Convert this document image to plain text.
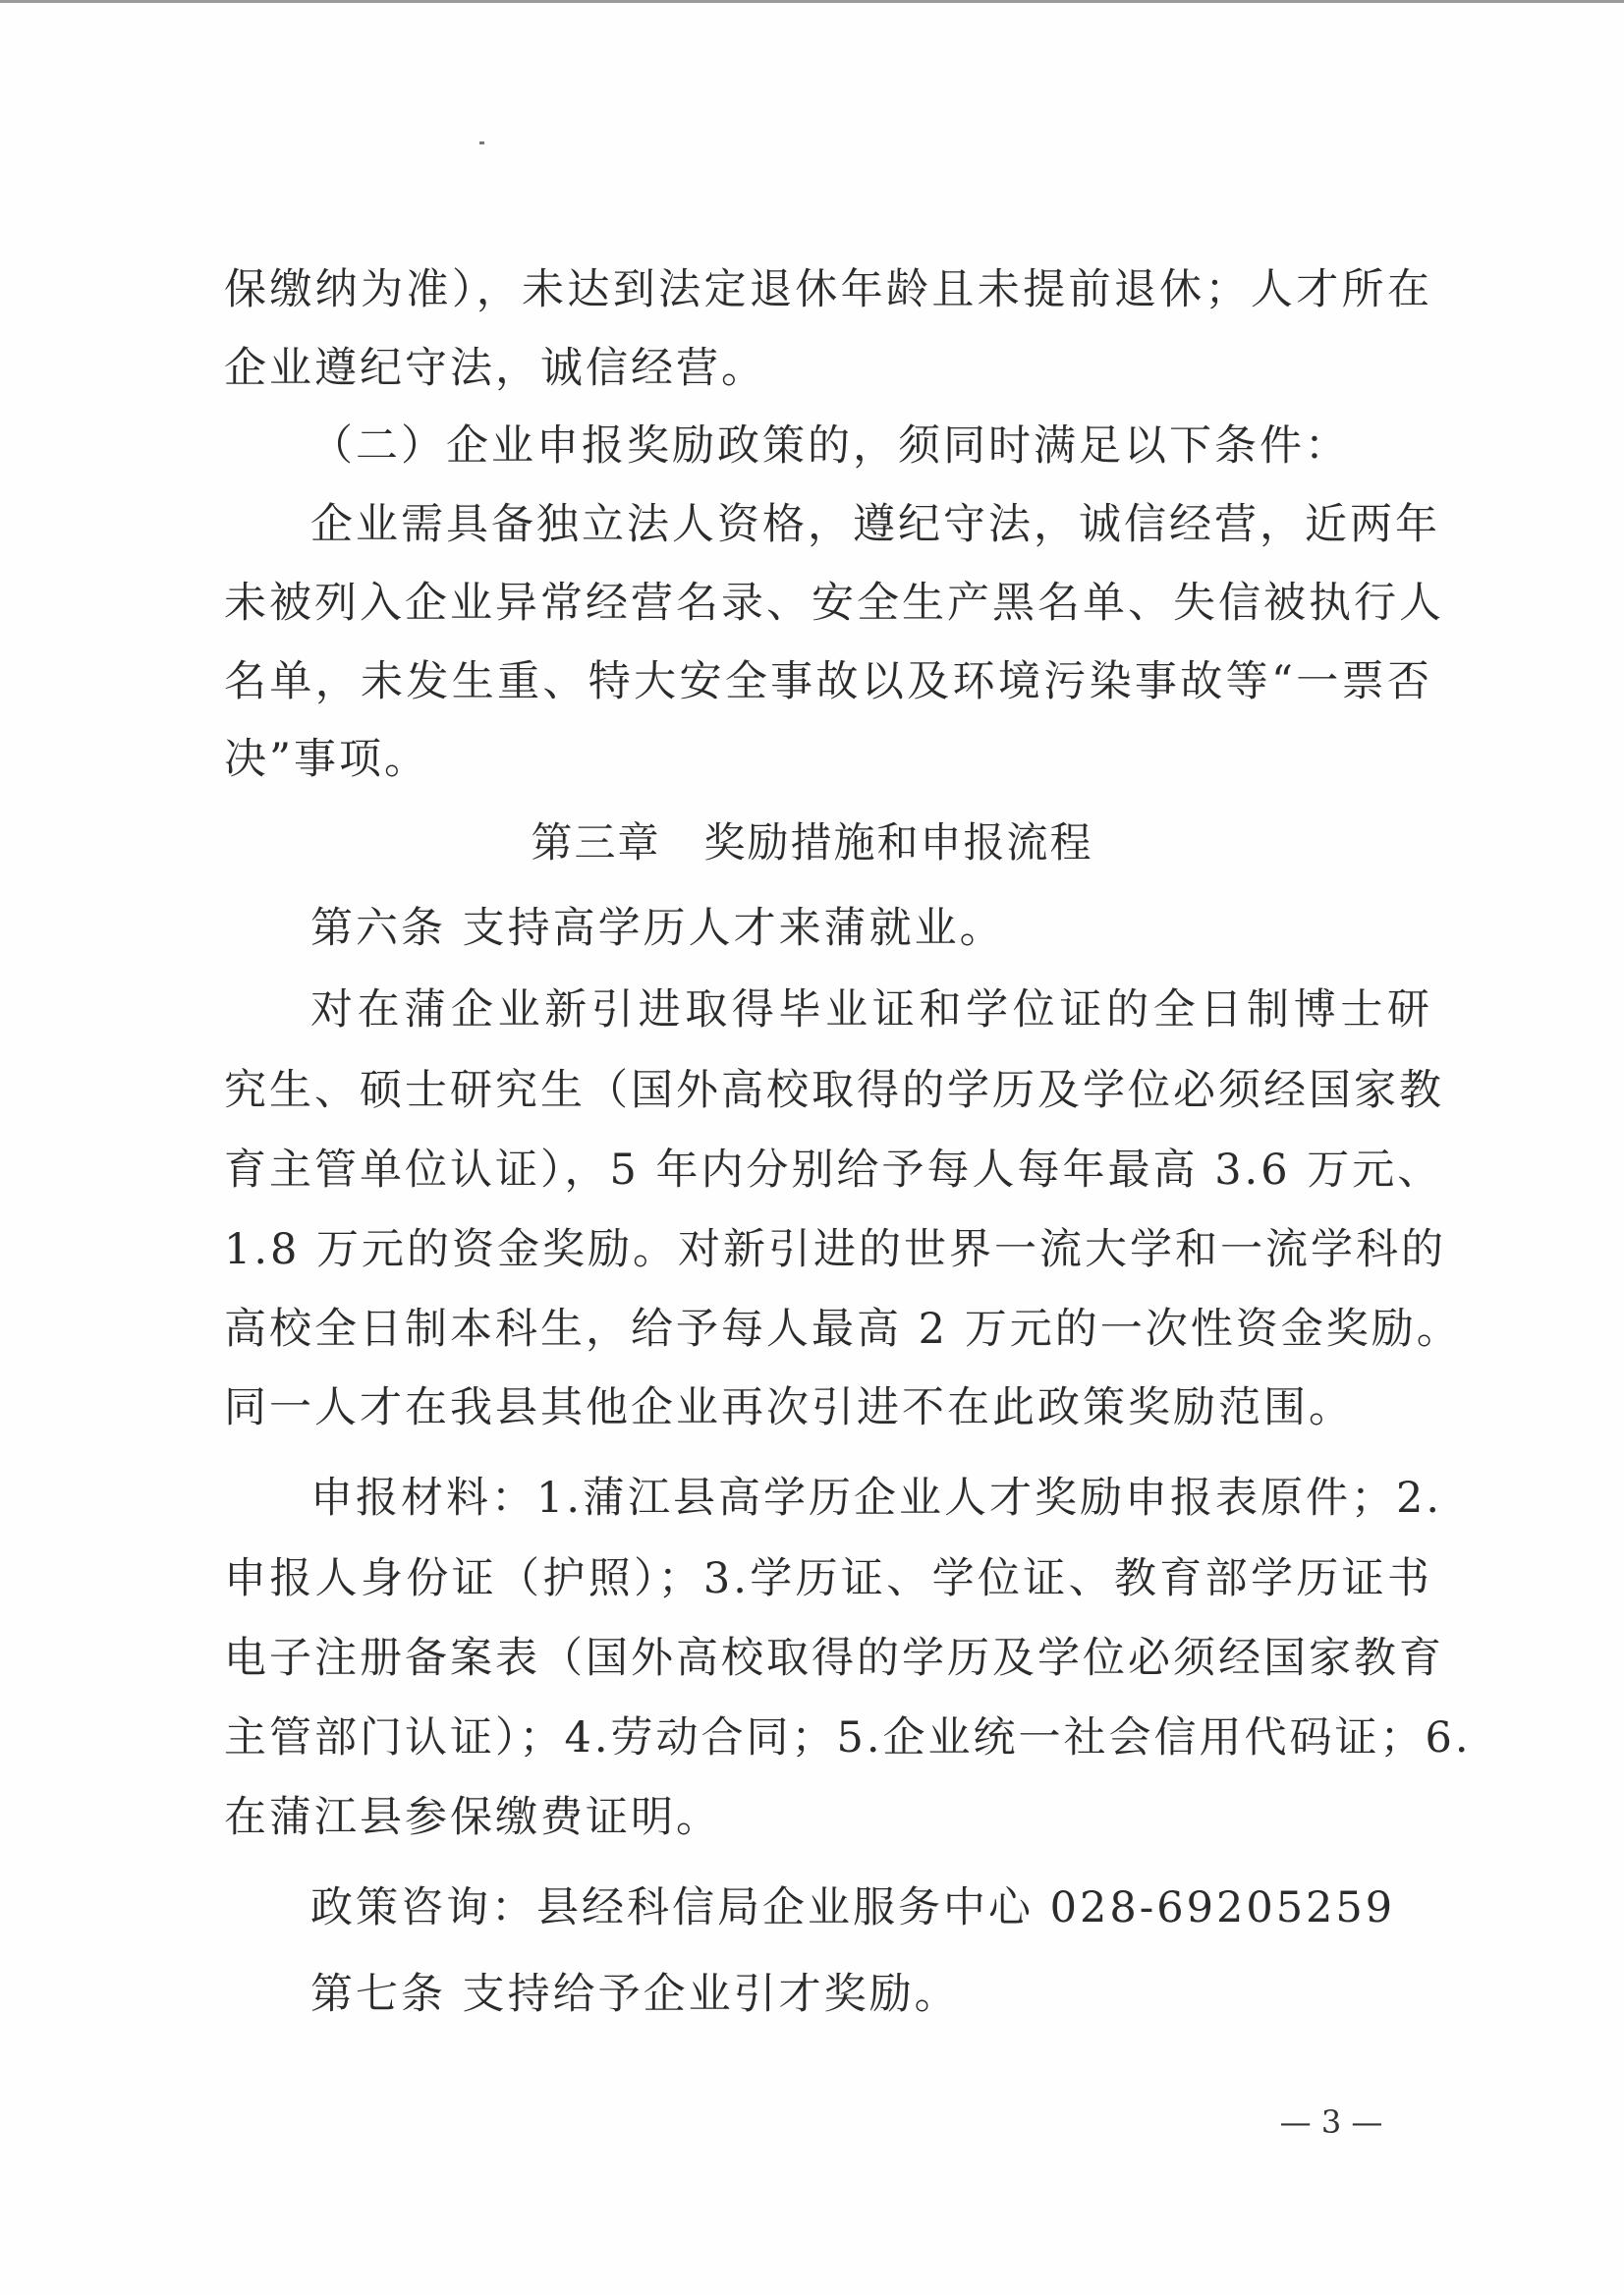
保缴纳为准），未达到法定退休年龄且未提前退休；人才所在
企业遵纪守法，诚信经营。
（二）企业申报奖励政策的，须同时满足以下条件：
企业需具备独立法人资格，遵纪守法，诚信经营，近两年
未被列入企业异常经营名录、安全生产黑名单、失信被执行人
名单，未发生重、特大安全事故以及环境污染事故等“一票否
决”事项。
第三章　奖励措施和申报流程
第六条 支持高学历人才来蒲就业。
对在蒲企业新引进取得毕业证和学位证的全日制博士研
究生、硕士研究生（国外高校取得的学历及学位必须经国家教
育主管单位认证），5 年内分别给予每人每年最高 3.6 万元、
1.8 万元的资金奖励。对新引进的世界一流大学和一流学科的
高校全日制本科生，给予每人最高 2 万元的一次性资金奖励。
同一人才在我县其他企业再次引进不在此政策奖励范围。
申报材料：1.蒲江县高学历企业人才奖励申报表原件；2.
申报人身份证（护照）；3.学历证、学位证、教育部学历证书
电子注册备案表（国外高校取得的学历及学位必须经国家教育
主管部门认证）；4.劳动合同；5.企业统一社会信用代码证；6.
在蒲江县参保缴费证明。
政策咨询：县经科信局企业服务中心 028-69205259
第七条 支持给予企业引才奖励。
— 3 —
